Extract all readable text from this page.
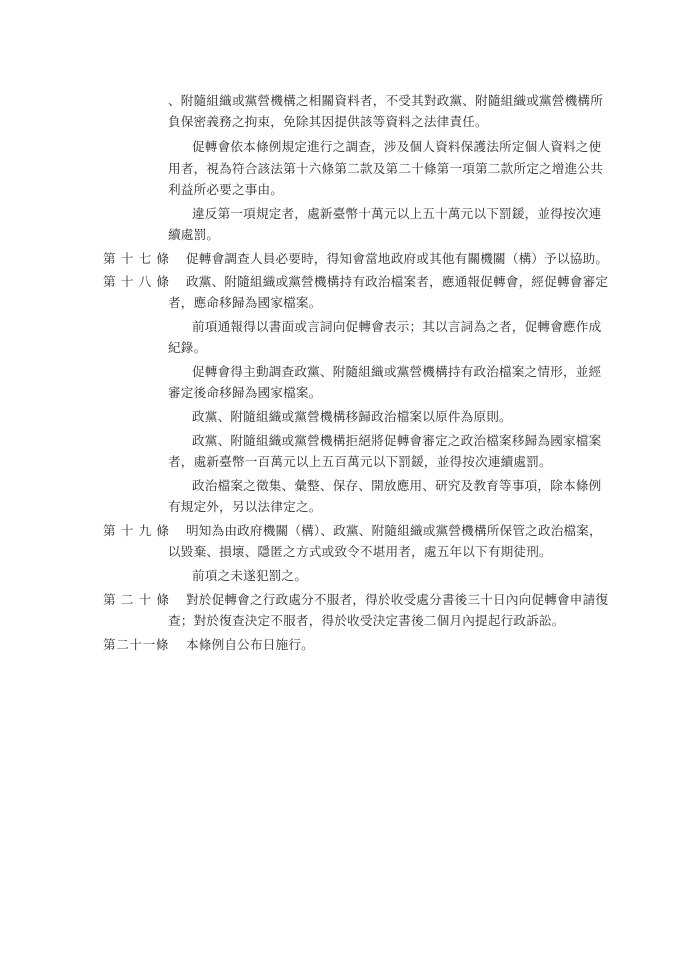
、附隨組織或黨營機構之相關資料者，不受其對政黨、附隨組織或黨營機構所
負保密義務之拘束，免除其因提供該等資料之法律責任。
促轉會依本條例規定進行之調查，涉及個人資料保護法所定個人資料之使
用者，視為符合該法第十六條第二款及第二十條第一項第二款所定之增進公共
利益所必要之事由。
違反第一項規定者，處新臺幣十萬元以上五十萬元以下罰鍰，並得按次連
續處罰。
第 十 七 條 促轉會調查人員必要時，得知會當地政府或其他有關機關（構）予以協助。
第 十 八 條 政黨、附隨組織或黨營機構持有政治檔案者，應通報促轉會，經促轉會審定
者，應命移歸為國家檔案。
前項通報得以書面或言詞向促轉會表示；其以言詞為之者，促轉會應作成
紀錄。
促轉會得主動調查政黨、附隨組織或黨營機構持有政治檔案之情形，並經
審定後命移歸為國家檔案。
政黨、附隨組織或黨營機構移歸政治檔案以原件為原則。
政黨、附隨組織或黨營機構拒絕將促轉會審定之政治檔案移歸為國家檔案
者，處新臺幣一百萬元以上五百萬元以下罰鍰，並得按次連續處罰。
政治檔案之徵集、彙整、保存、開放應用、研究及教育等事項，除本條例
有規定外，另以法律定之。
第 十 九 條 明知為由政府機關（構）、政黨、附隨組織或黨營機構所保管之政治檔案，
以毀棄、損壞、隱匿之方式或致令不堪用者，處五年以下有期徒刑。
前項之未遂犯罰之。
第 二 十 條 對於促轉會之行政處分不服者，得於收受處分書後三十日內向促轉會申請復
查；對於復查決定不服者，得於收受決定書後二個月內提起行政訴訟。
第二十一條 本條例自公布日施行。
